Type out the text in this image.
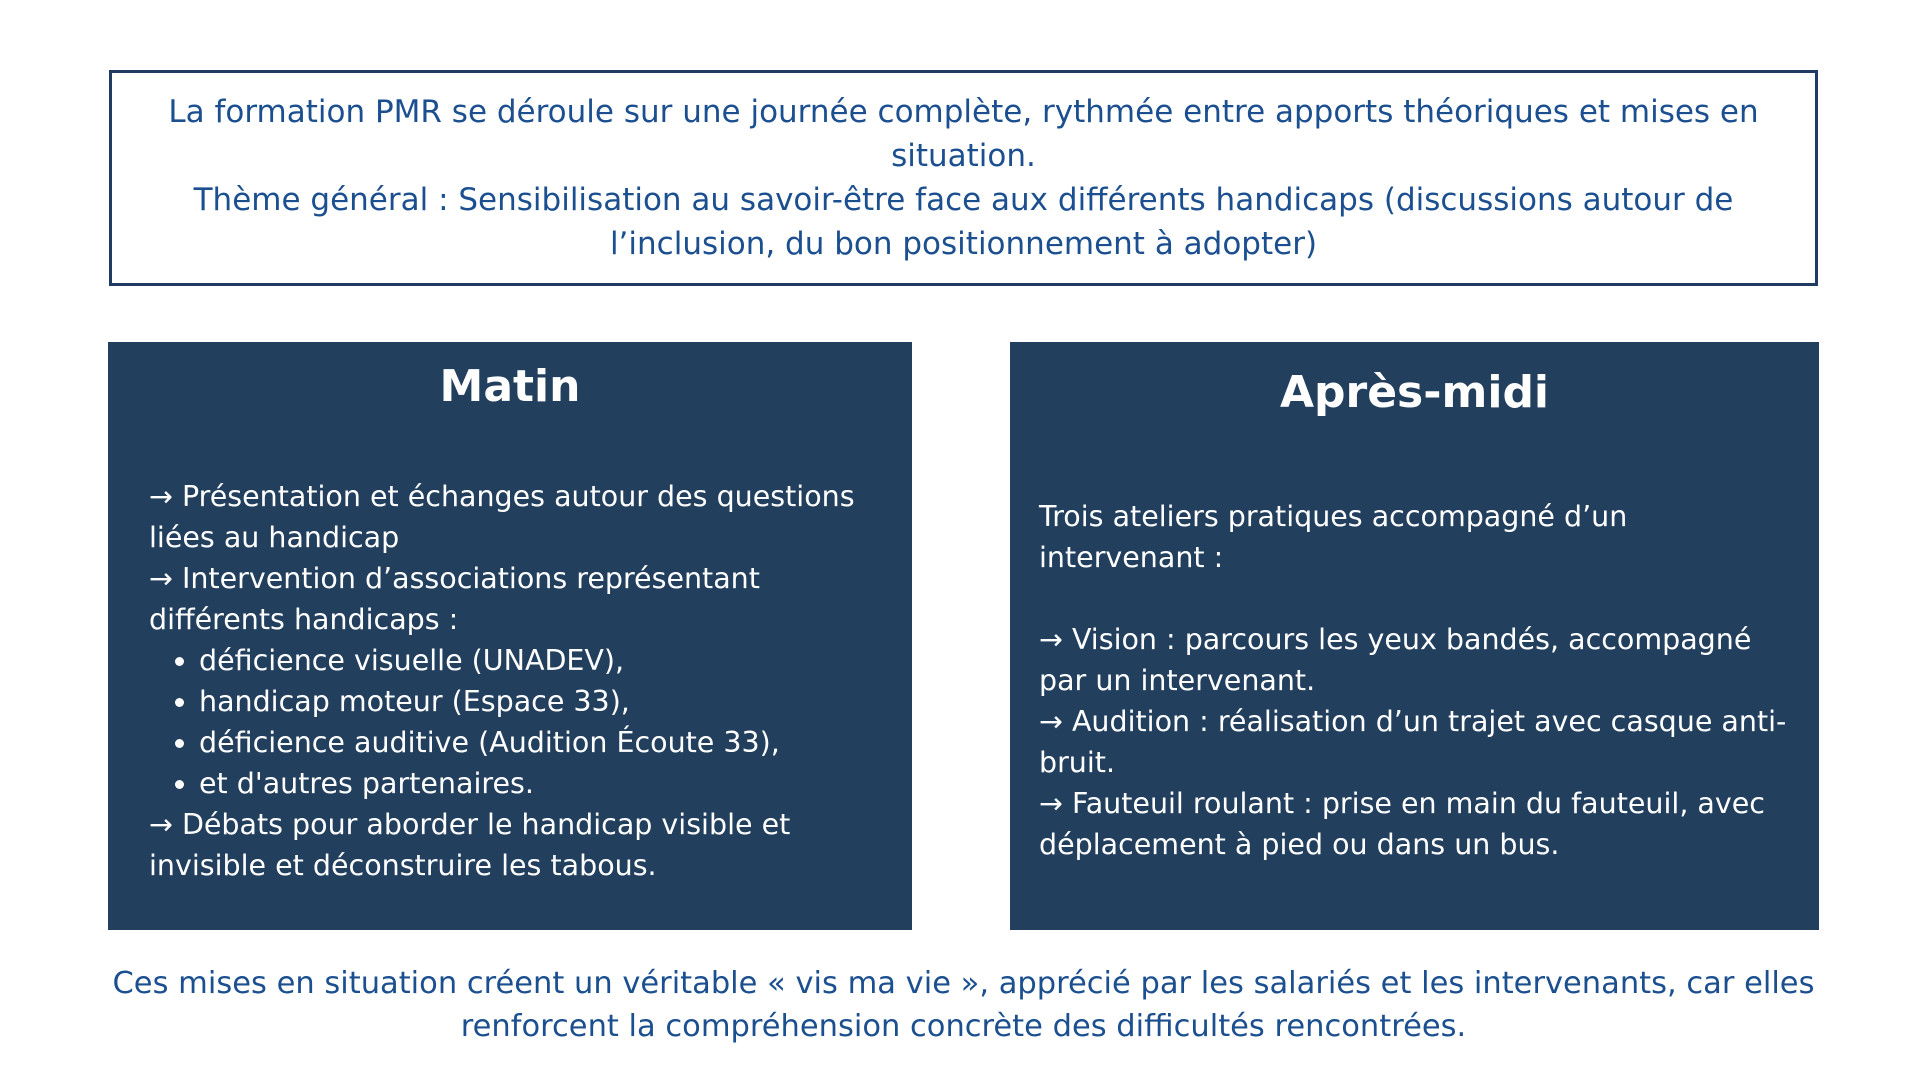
La formation PMR se déroule sur une journée complète, rythmée entre apports théoriques et mises en situation.

Thème général : Sensibilisation au savoir-être face aux différents handicaps (discussions autour de l’inclusion, du bon positionnement à adopter)

Matin

→ Présentation et échanges autour des questions liées au handicap

→ Intervention d’associations représentant différents handicaps :

• déficience visuelle (UNADEV),
• handicap moteur (Espace 33),
• déficience auditive (Audition Écoute 33),
• et d'autres partenaires.

→ Débats pour aborder le handicap visible et invisible et déconstruire les tabous.

Après-midi

Trois ateliers pratiques accompagné d’un intervenant :

→ Vision : parcours les yeux bandés, accompagné par un intervenant.

→ Audition : réalisation d’un trajet avec casque anti-bruit.

→ Fauteuil roulant : prise en main du fauteuil, avec déplacement à pied ou dans un bus.

Ces mises en situation créent un véritable « vis ma vie », apprécié par les salariés et les intervenants, car elles renforcent la compréhension concrète des difficultés rencontrées.
